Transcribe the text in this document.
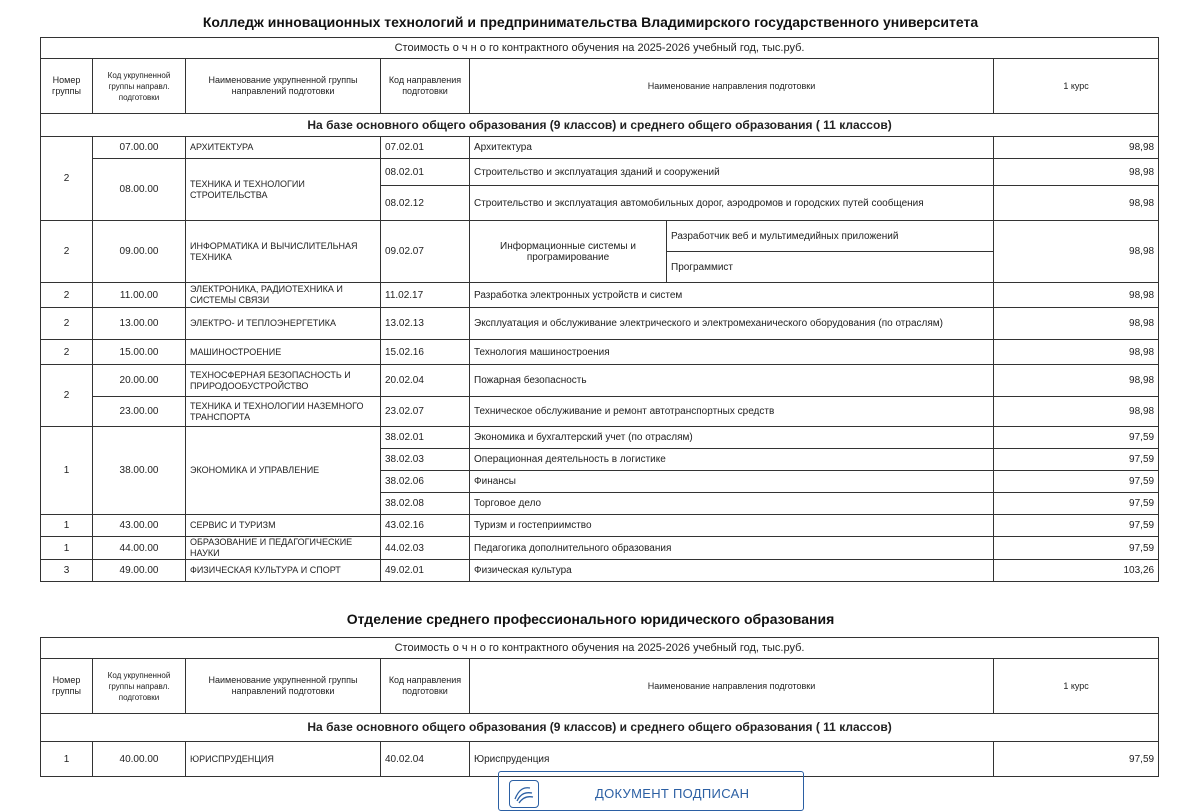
Колледж инновационных технологий и предпринимательства Владимирского государственного университета
Стоимость о ч н о го контрактного обучения на 2025-2026 учебный год, тыс.руб.						
Номер группы	Код укрупненной группы направл. подготовки	Наименование укрупненной группы направлений подготовки	Код направления подготовки	Наименование направления подготовки		1 курс
На базе основного общего образования (9 классов) и среднего общего образования ( 11 классов)						
2	07.00.00	АРХИТЕКТУРА	07.02.01	Архитектура		98,98
	08.00.00	ТЕХНИКА И ТЕХНОЛОГИИ СТРОИТЕЛЬСТВА	08.02.01	Строительство и эксплуатация зданий и сооружений		98,98
			08.02.12	Строительство и эксплуатация автомобильных дорог, аэродромов и городских путей сообщения		98,98
2	09.00.00	ИНФОРМАТИКА И ВЫЧИСЛИТЕЛЬНАЯ ТЕХНИКА	09.02.07	Информационные системы и програмирование	Разработчик веб и мультимедийных приложений	98,98
					Программист	
2	11.00.00	ЭЛЕКТРОНИКА, РАДИОТЕХНИКА И СИСТЕМЫ СВЯЗИ	11.02.17	Разработка электронных устройств и систем		98,98
2	13.00.00	ЭЛЕКТРО- И ТЕПЛОЭНЕРГЕТИКА	13.02.13	Эксплуатация и обслуживание электрического и электромеханического оборудования (по отраслям)		98,98
2	15.00.00	МАШИНОСТРОЕНИЕ	15.02.16	Технология машиностроения		98,98
2	20.00.00	ТЕХНОСФЕРНАЯ БЕЗОПАСНОСТЬ И ПРИРОДООБУСТРОЙСТВО	20.02.04	Пожарная безопасность		98,98
	23.00.00	ТЕХНИКА И ТЕХНОЛОГИИ НАЗЕМНОГО ТРАНСПОРТА	23.02.07	Техническое обслуживание и ремонт автотранспортных средств		98,98
1	38.00.00	ЭКОНОМИКА И УПРАВЛЕНИЕ	38.02.01	Экономика и бухгалтерский учет (по отраслям)		97,59
			38.02.03	Операционная деятельность в логистике		97,59
			38.02.06	Финансы		97,59
			38.02.08	Торговое дело		97,59
1	43.00.00	СЕРВИС И ТУРИЗМ	43.02.16	Туризм и гостеприимство		97,59
1	44.00.00	ОБРАЗОВАНИЕ И ПЕДАГОГИЧЕСКИЕ НАУКИ	44.02.03	Педагогика дополнительного образования		97,59
3	49.00.00	ФИЗИЧЕСКАЯ КУЛЬТУРА И СПОРТ	49.02.01	Физическая культура		103,26
Отделение среднего профессионального юридического образования
Стоимость о ч н о го контрактного обучения на 2025-2026 учебный год, тыс.руб.					
Номер группы	Код укрупненной группы направл. подготовки	Наименование укрупненной группы направлений подготовки	Код направления подготовки	Наименование направления подготовки	1 курс
На базе основного общего образования (9 классов) и среднего общего образования ( 11 классов)					
1	40.00.00	ЮРИСПРУДЕНЦИЯ	40.02.04	Юриспруденция	97,59
ДОКУМЕНТ ПОДПИСАН
